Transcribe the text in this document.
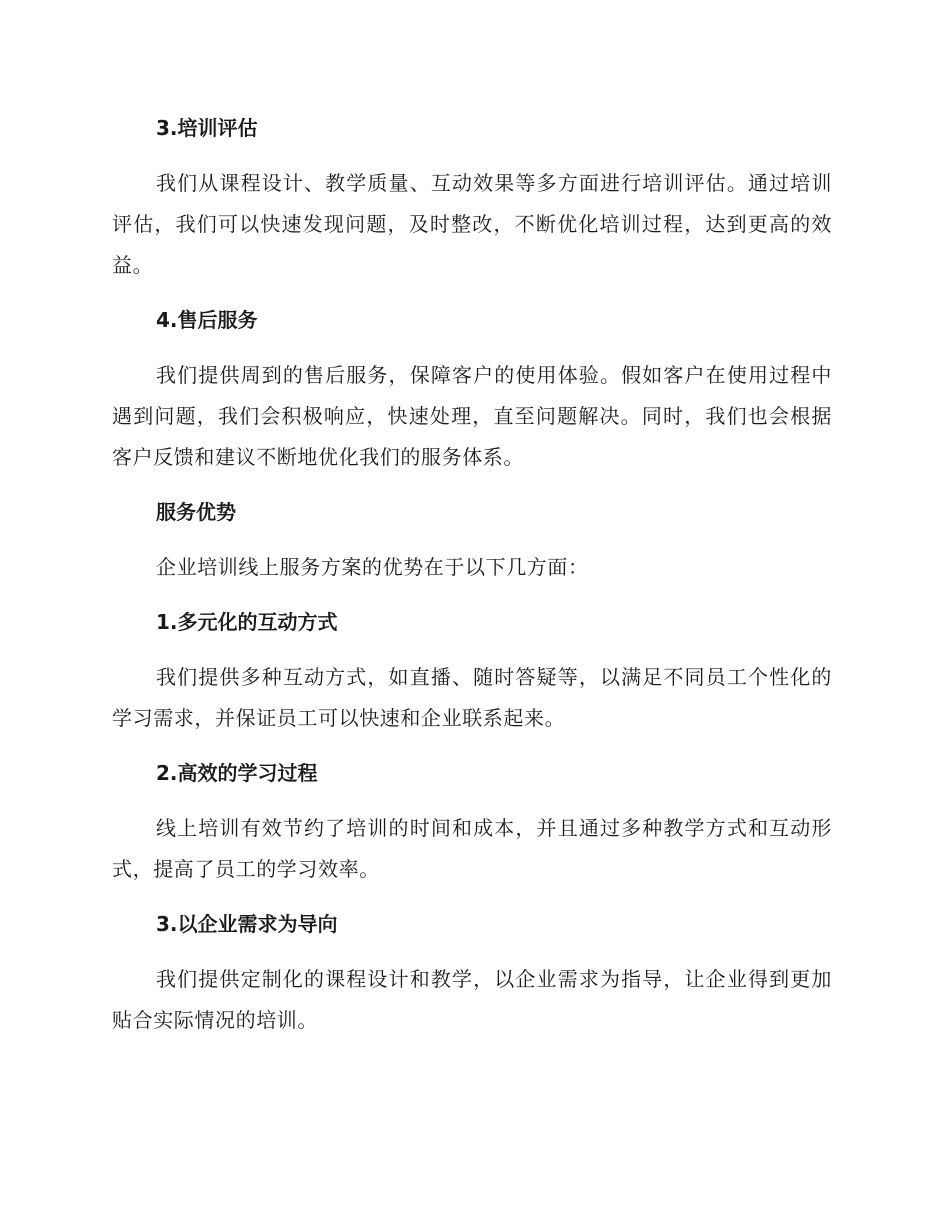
3.培训评估

我们从课程设计、教学质量、互动效果等多方面进行培训评估。通过培训评估，我们可以快速发现问题，及时整改，不断优化培训过程，达到更高的效益。

4.售后服务

我们提供周到的售后服务，保障客户的使用体验。假如客户在使用过程中遇到问题，我们会积极响应，快速处理，直至问题解决。同时，我们也会根据客户反馈和建议不断地优化我们的服务体系。

服务优势

企业培训线上服务方案的优势在于以下几方面：

1.多元化的互动方式

我们提供多种互动方式，如直播、随时答疑等，以满足不同员工个性化的学习需求，并保证员工可以快速和企业联系起来。

2.高效的学习过程

线上培训有效节约了培训的时间和成本，并且通过多种教学方式和互动形式，提高了员工的学习效率。

3.以企业需求为导向

我们提供定制化的课程设计和教学，以企业需求为指导，让企业得到更加贴合实际情况的培训。
